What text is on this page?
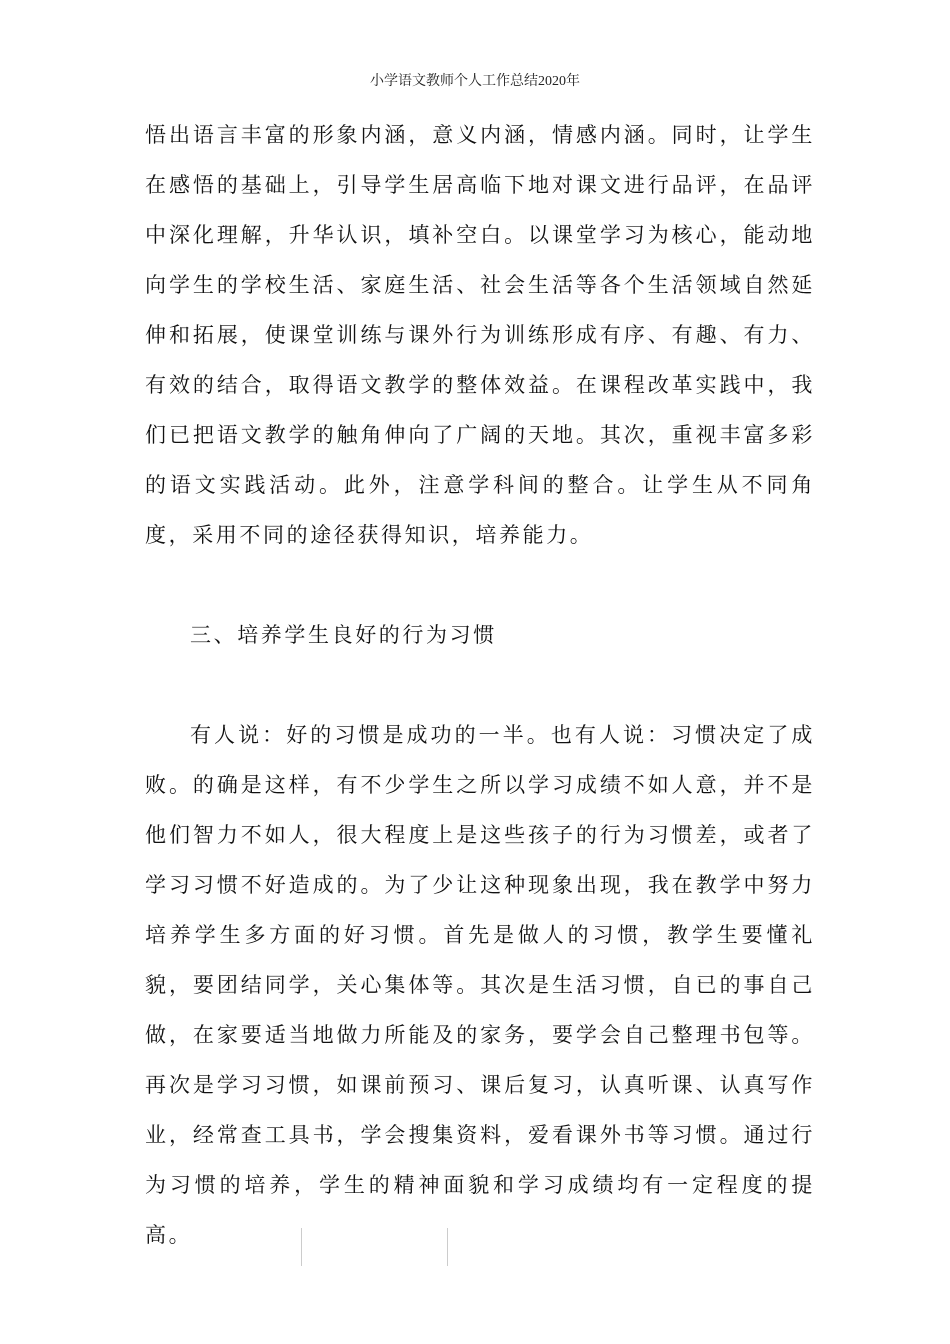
小学语文教师个人工作总结2020年
悟出语言丰富的形象内涵，意义内涵，情感内涵。同时，让学生在感悟的基础上，引导学生居高临下地对课文进行品评，在品评中深化理解，升华认识，填补空白。以课堂学习为核心，能动地向学生的学校生活、家庭生活、社会生活等各个生活领域自然延伸和拓展，使课堂训练与课外行为训练形成有序、有趣、有力、有效的结合，取得语文教学的整体效益。在课程改革实践中，我们已把语文教学的触角伸向了广阔的天地。其次，重视丰富多彩的语文实践活动。此外，注意学科间的整合。让学生从不同角度，采用不同的途径获得知识，培养能力。
三、培养学生良好的行为习惯
有人说：好的习惯是成功的一半。也有人说：习惯决定了成败。的确是这样，有不少学生之所以学习成绩不如人意，并不是他们智力不如人，很大程度上是这些孩子的行为习惯差，或者了学习习惯不好造成的。为了少让这种现象出现，我在教学中努力培养学生多方面的好习惯。首先是做人的习惯，教学生要懂礼貌，要团结同学，关心集体等。其次是生活习惯，自已的事自己做，在家要适当地做力所能及的家务，要学会自己整理书包等。再次是学习习惯，如课前预习、课后复习，认真听课、认真写作业，经常查工具书，学会搜集资料，爱看课外书等习惯。通过行为习惯的培养，学生的精神面貌和学习成绩均有一定程度的提高。
